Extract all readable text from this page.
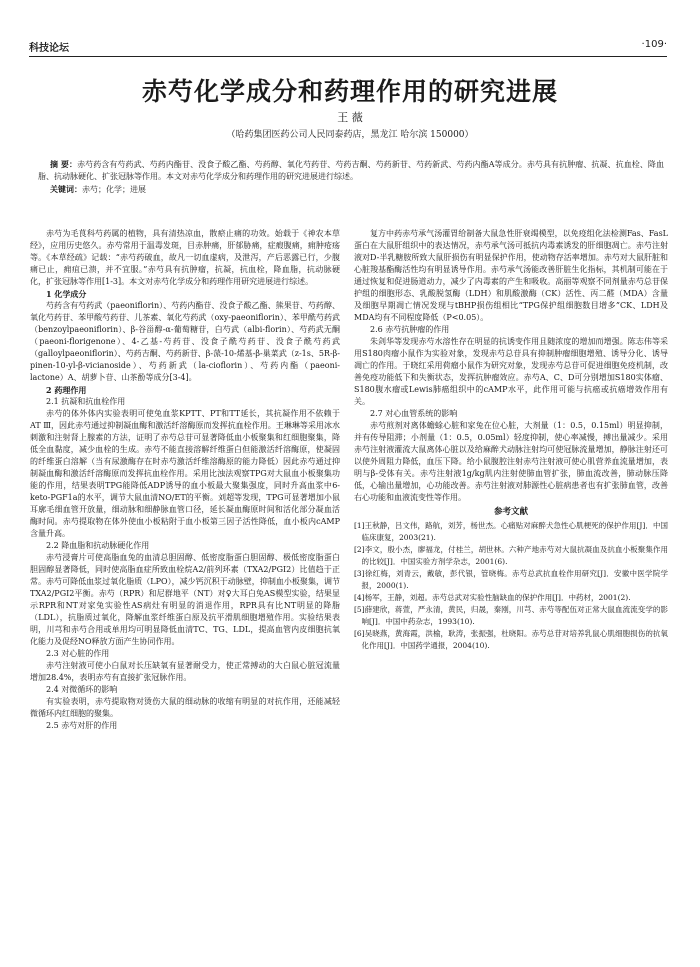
科技论坛	·109·
赤芍化学成分和药理作用的研究进展
王 薇
（哈药集团医药公司人民同泰药店，黑龙江 哈尔滨 150000）
摘 要：赤芍药含有芍药武、芍药内酯苷、没食子酸乙酯、芍药醇、氧化芍药苷、芍药吉酮、芍药新苷、芍药新武、芍药内酯A等成分。赤芍具有抗肿瘤、抗凝、抗血栓、降血脂、抗动脉硬化、扩张冠脉等作用。本文对赤芍化学成分和药理作用的研究进展进行综述。
关键词：赤芍；化学；进展

赤芍为毛茛科芍药属的植物，具有清热凉血，散瘀止痛的功效。始载于《神农本草经》，应用历史悠久。赤芍常用于温毒发斑，目赤肿痛，肝郁胁痛，症瘕腹痛，痈肿疮疡等。《本草经疏》记载：“赤芍药破血，故凡一切血虚病，及泄泻，产后恶露已行，少腹痛已止，痈疽已溃，并不宜服。”赤芍具有抗肿瘤，抗凝，抗血栓，降血脂，抗动脉硬化，扩张冠脉等作用[1-3]。本文对赤芍化学成分和药理作用研究进展进行综述。

1 化学成分

芍药含有芍药武（paeoniflorin）、芍药内酯苷、没食子酸乙酯、熊果苷、芍药醇、氧化芍药苷、苯甲酸芍药苷、儿茶素、氧化芍药武（oxy-paeoniflorin）、苯甲酰芍药武（benzoylpaeoniflorin）、β-谷甾醇-α-葡萄糖苷，白芍武（albi-florin）、芍药武无酮（paeoni-florigenone）、4-乙基-芍药苷、没食子酰芍药苷、没食子酰芍药武（galloylpaeoniflorin）、芍药吉酮、芍药新苷、β-蒎-10-烯基-β-巢菜武（z-1s、5R-β-pinen-10-yl-β-vicianoside）、芍药新武（la-cioflorin）、芍药内酯（paeoni-lactone）A、胡萝卜苷、山茶酚等成分[3-4]。

2 药理作用

2.1 抗凝和抗血栓作用

赤芍的体外体内实验表明可使兔血浆KPTT、PT和TT延长，其抗凝作用不依赖于AT Ⅲ，因此赤芍通过抑制凝血酶和激活纤溶酶原而发挥抗血栓作用。王琳琳等采用冰水刺激和注射肾上腺素的方法，证明了赤芍总苷可显著降低血小板聚集和红细胞聚集，降低全血黏度，减少血栓的生成。赤芍不能直接溶解纤维蛋白但能激活纤溶酶原，使凝固的纤维蛋白溶解（当有尿激酶存在时赤芍激活纤维溶酶原的能力降低）因此赤芍通过抑制凝血酶和激活纤溶酶原而发挥抗血栓作用。采用比浊法观察TPG对大鼠血小板聚集功能的作用，结果表明TPG能降低ADP诱导的血小板最大聚集强度，同时升高血浆中6-keto-PGF1a的水平，调节大鼠血清NO/ET的平衡。刘超等发现，TPG可显著增加小鼠耳廓毛细血管开放量，细动脉和细静脉血管口径，延长凝血酶原时间和活化部分凝血活酶时间。赤芍提取物在体外使血小板粘附于血小板第三因子活性降低，血小板内cAMP含量升高。

2.2 降血脂和抗动脉硬化作用

赤芍浸膏片可使高脂血兔的血清总胆固醇、低密度脂蛋白胆固醇、极低密度脂蛋白胆固醇显著降低，同时使高脂血症所致血栓烷A2/前列环素（TXA2/PGI2）比值趋于正常。赤芍可降低血浆过氧化脂质（LPO），减少钙沉积于动脉壁，抑制血小板聚集，调节TXA2/PGI2平衡。赤芍（RPR）和尼群地平（NT）对♀大耳白兔AS模型实验，结果显示RPR和NT对家兔实验性AS病灶有明显的消退作用，RPR具有比NT明显的降脂（LDL），抗脂质过氧化，降解血浆纤维蛋白原及抗平滑肌细胞增殖作用。实验结果表明，川芎和赤芍合用或单用均可明显降低血清TC、TG、LDL，提高血管内皮细胞抗氧化能力及促经NO释放方面产生协同作用。

2.3 对心脏的作用

赤芍注射液可使小白鼠对长压缺氧有显著耐受力，使正常搏动的大白鼠心脏冠流量增加28.4%，表明赤芍有直接扩张冠脉作用。

2.4 对微循环的影响

有实验表明，赤芍提取物对烫伤大鼠的细动脉的收缩有明显的对抗作用，还能减轻微循环内红细胞的聚集。

2.5 赤芍对肝的作用

复方中药赤芍承气汤灌胃给制备大鼠急性肝衰竭模型，以免疫组化法检测Fas、FasL蛋白在大鼠肝组织中的表达情况，赤芍承气汤可抵抗内毒素诱发的肝细胞凋亡。赤芍注射液对D-半乳糖胺所致大鼠肝损伤有明显保护作用，使动物存活率增加。赤芍对大鼠肝脏和心脏羧基酯酶活性均有明显诱导作用。赤芍承气汤能改善肝脏生化指标，其机制可能在于通过恢复和促进肠道动力，减少了内毒素的产生和吸收。高丽等观察不同剂量赤芍总苷保护组的细胞形态、乳酸脱氢酶（LDH）和肌酸激酶（CK）活性、丙二醛（MDA）含量及细胞早期凋亡情况发现与tBHP损伤组相比“TPG保护组细胞数目增多”CK、LDH及MDA均有不同程度降低（P<0.05）。

2.6 赤芍抗肿瘤的作用

朱剑华等发现赤芍水溶性存在明显的抗诱变作用且随浓度的增加而增强。陈志伟等采用S180肉瘤小鼠作为实验对象，发现赤芍总苷具有抑制肿瘤细胞增殖、诱导分化、诱导凋亡的作用。于晓红采用荷瘤小鼠作为研究对象，发现赤芍总苷可促进细胞免疫机制，改善免疫功能低下和失衡状态，发挥抗肿瘤效应。赤芍A、C、D可分别增加S180实体瘤、S180腹水瘤或Lewis肺癌组织中的cAMP水平，此作用可能与抗癌或抗癌增效作用有关。

2.7 对心血管系统的影响

赤芍煎剂对离体蟾蜍心脏和家兔在位心脏，大剂量（1：0.5，0.15ml）明显抑制，并有传导阻滞；小剂量（1：0.5，0.05ml）轻度抑制，使心率减慢，搏出量减少。采用赤芍注射液灌流大鼠离体心脏以及给麻醉犬动脉注射均可使冠脉流量增加，静脉注射还可以使外周阻力降低，血压下降。给小鼠腹腔注射赤芍注射液可使心肌营养血流量增加，表明与β-受体有关。赤芍注射液1g/kg肌内注射使肺血管扩张，肺血流改善，肺动脉压降低，心输出量增加，心功能改善。赤芍注射液对肺源性心脏病患者也有扩张肺血管，改善右心功能和血液流变性等作用。

参考文献

[1]王秋静，吕文伟，路航，刘芳，杨世杰。心痛贴对麻醉犬急性心肌梗死的保护作用[J]．中国临床康复，2003(21).

[2]李文，殷小杰，廖福龙，付桂兰，胡世林。六种产地赤芍对大鼠抗凝血及抗血小板聚集作用的比较[J]．中国实验方剂学杂志，2001(6).

[3]徐红梅，刘青云，戴敏，彭代银，管晓梅。赤芍总武抗血栓作用研究[J]．安徽中医学院学报，2000(1).

[4]杨军，王静，刘超。赤芍总武对实验性脑缺血的保护作用[J]．中药材，2001(2).

[5]薛建欣，蒋萱，严永清，黄民，归晟，秦刚，川芎、赤芍等配伍对正常大鼠血流流变学的影响[J]．中国中药杂志，1993(10).

[6]吴晓燕，黄海霞，洪榆，耿涛，张振强，杜晓阳。赤芍总苷对培养乳鼠心肌细胞损伤的抗氧化作用[J]．中国药学通报，2004(10).
